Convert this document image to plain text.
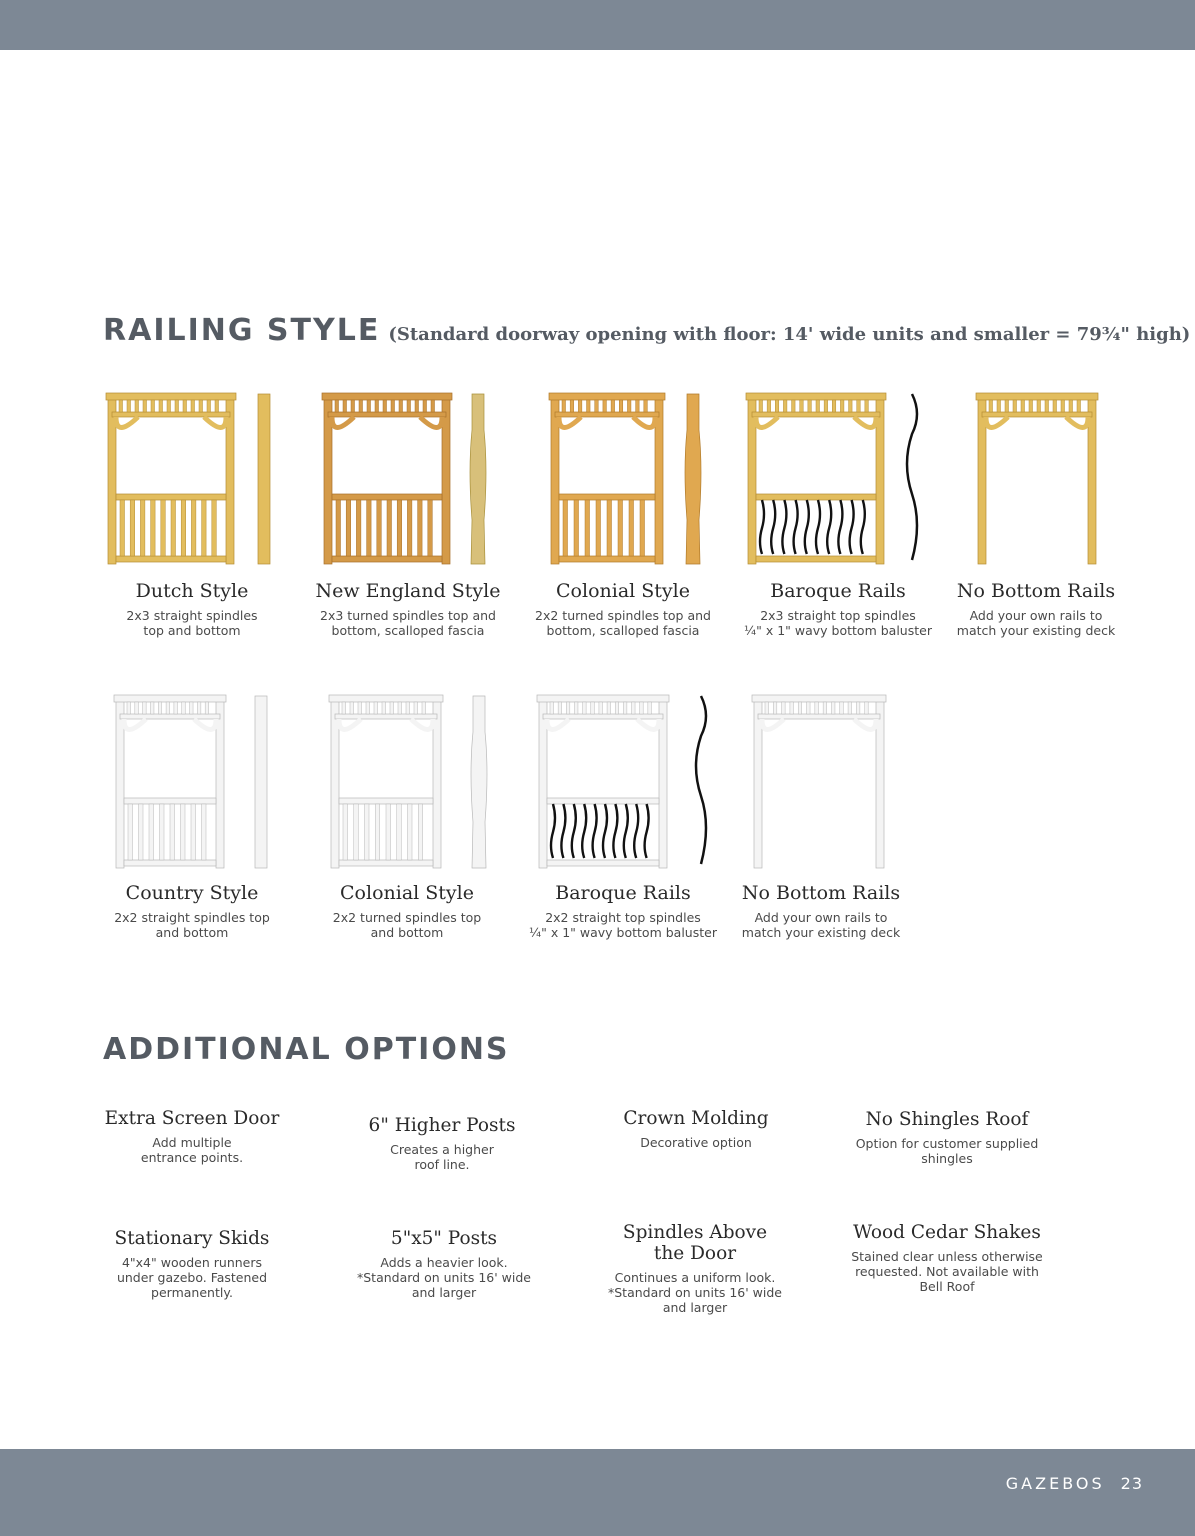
RAILING STYLE (Standard doorway opening with floor: 14' wide units and smaller = 79¾" high)
Dutch Style
2x3 straight spindles
top and bottom
New England Style
2x3 turned spindles top and
bottom, scalloped fascia
Colonial Style
2x2 turned spindles top and
bottom, scalloped fascia
Baroque Rails
2x3 straight top spindles
¼" x 1" wavy bottom baluster
No Bottom Rails
Add your own rails to
match your existing deck
Country Style
2x2 straight spindles top
and bottom
Colonial Style
2x2 turned spindles top
and bottom
Baroque Rails
2x2 straight top spindles
¼" x 1" wavy bottom baluster
No Bottom Rails
Add your own rails to
match your existing deck
ADDITIONAL OPTIONS
Extra Screen Door
Add multiple
entrance points.
6" Higher Posts
Creates a higher
roof line.
Crown Molding
Decorative option
No Shingles Roof
Option for customer supplied
shingles
Stationary Skids
4"x4" wooden runners
under gazebo. Fastened
permanently.
5"x5" Posts
Adds a heavier look.
*Standard on units 16' wide
and larger
Spindles Above
the Door
Continues a uniform look.
*Standard on units 16' wide
and larger
Wood Cedar Shakes
Stained clear unless otherwise
requested. Not available with
Bell Roof
GAZEBOS 23
